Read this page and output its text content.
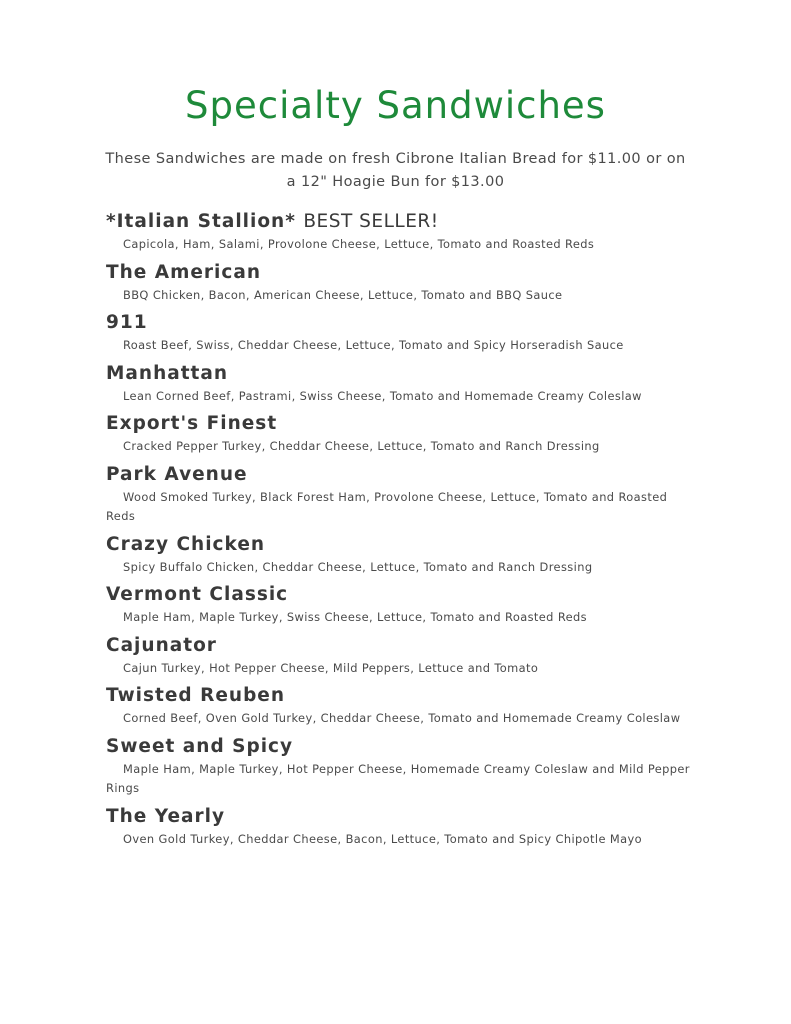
Specialty Sandwiches
These Sandwiches are made on fresh Cibrone Italian Bread for $11.00 or on a 12" Hoagie Bun for $13.00
*Italian Stallion* BEST SELLER!
Capicola, Ham, Salami, Provolone Cheese, Lettuce, Tomato and Roasted Reds
The American
BBQ Chicken, Bacon, American Cheese, Lettuce, Tomato and BBQ Sauce
911
Roast Beef, Swiss, Cheddar Cheese, Lettuce, Tomato and Spicy Horseradish Sauce
Manhattan
Lean Corned Beef, Pastrami, Swiss Cheese, Tomato and Homemade Creamy Coleslaw
Export's Finest
Cracked Pepper Turkey, Cheddar Cheese, Lettuce, Tomato and Ranch Dressing
Park Avenue
Wood Smoked Turkey, Black Forest Ham, Provolone Cheese, Lettuce, Tomato and Roasted Reds
Crazy Chicken
Spicy Buffalo Chicken, Cheddar Cheese, Lettuce, Tomato and Ranch Dressing
Vermont Classic
Maple Ham, Maple Turkey, Swiss Cheese, Lettuce, Tomato and Roasted Reds
Cajunator
Cajun Turkey, Hot Pepper Cheese, Mild Peppers, Lettuce and Tomato
Twisted Reuben
Corned Beef, Oven Gold Turkey, Cheddar Cheese, Tomato and Homemade Creamy Coleslaw
Sweet and Spicy
Maple Ham, Maple Turkey, Hot Pepper Cheese, Homemade Creamy Coleslaw and Mild Pepper Rings
The Yearly
Oven Gold Turkey, Cheddar Cheese, Bacon, Lettuce, Tomato and Spicy Chipotle Mayo
